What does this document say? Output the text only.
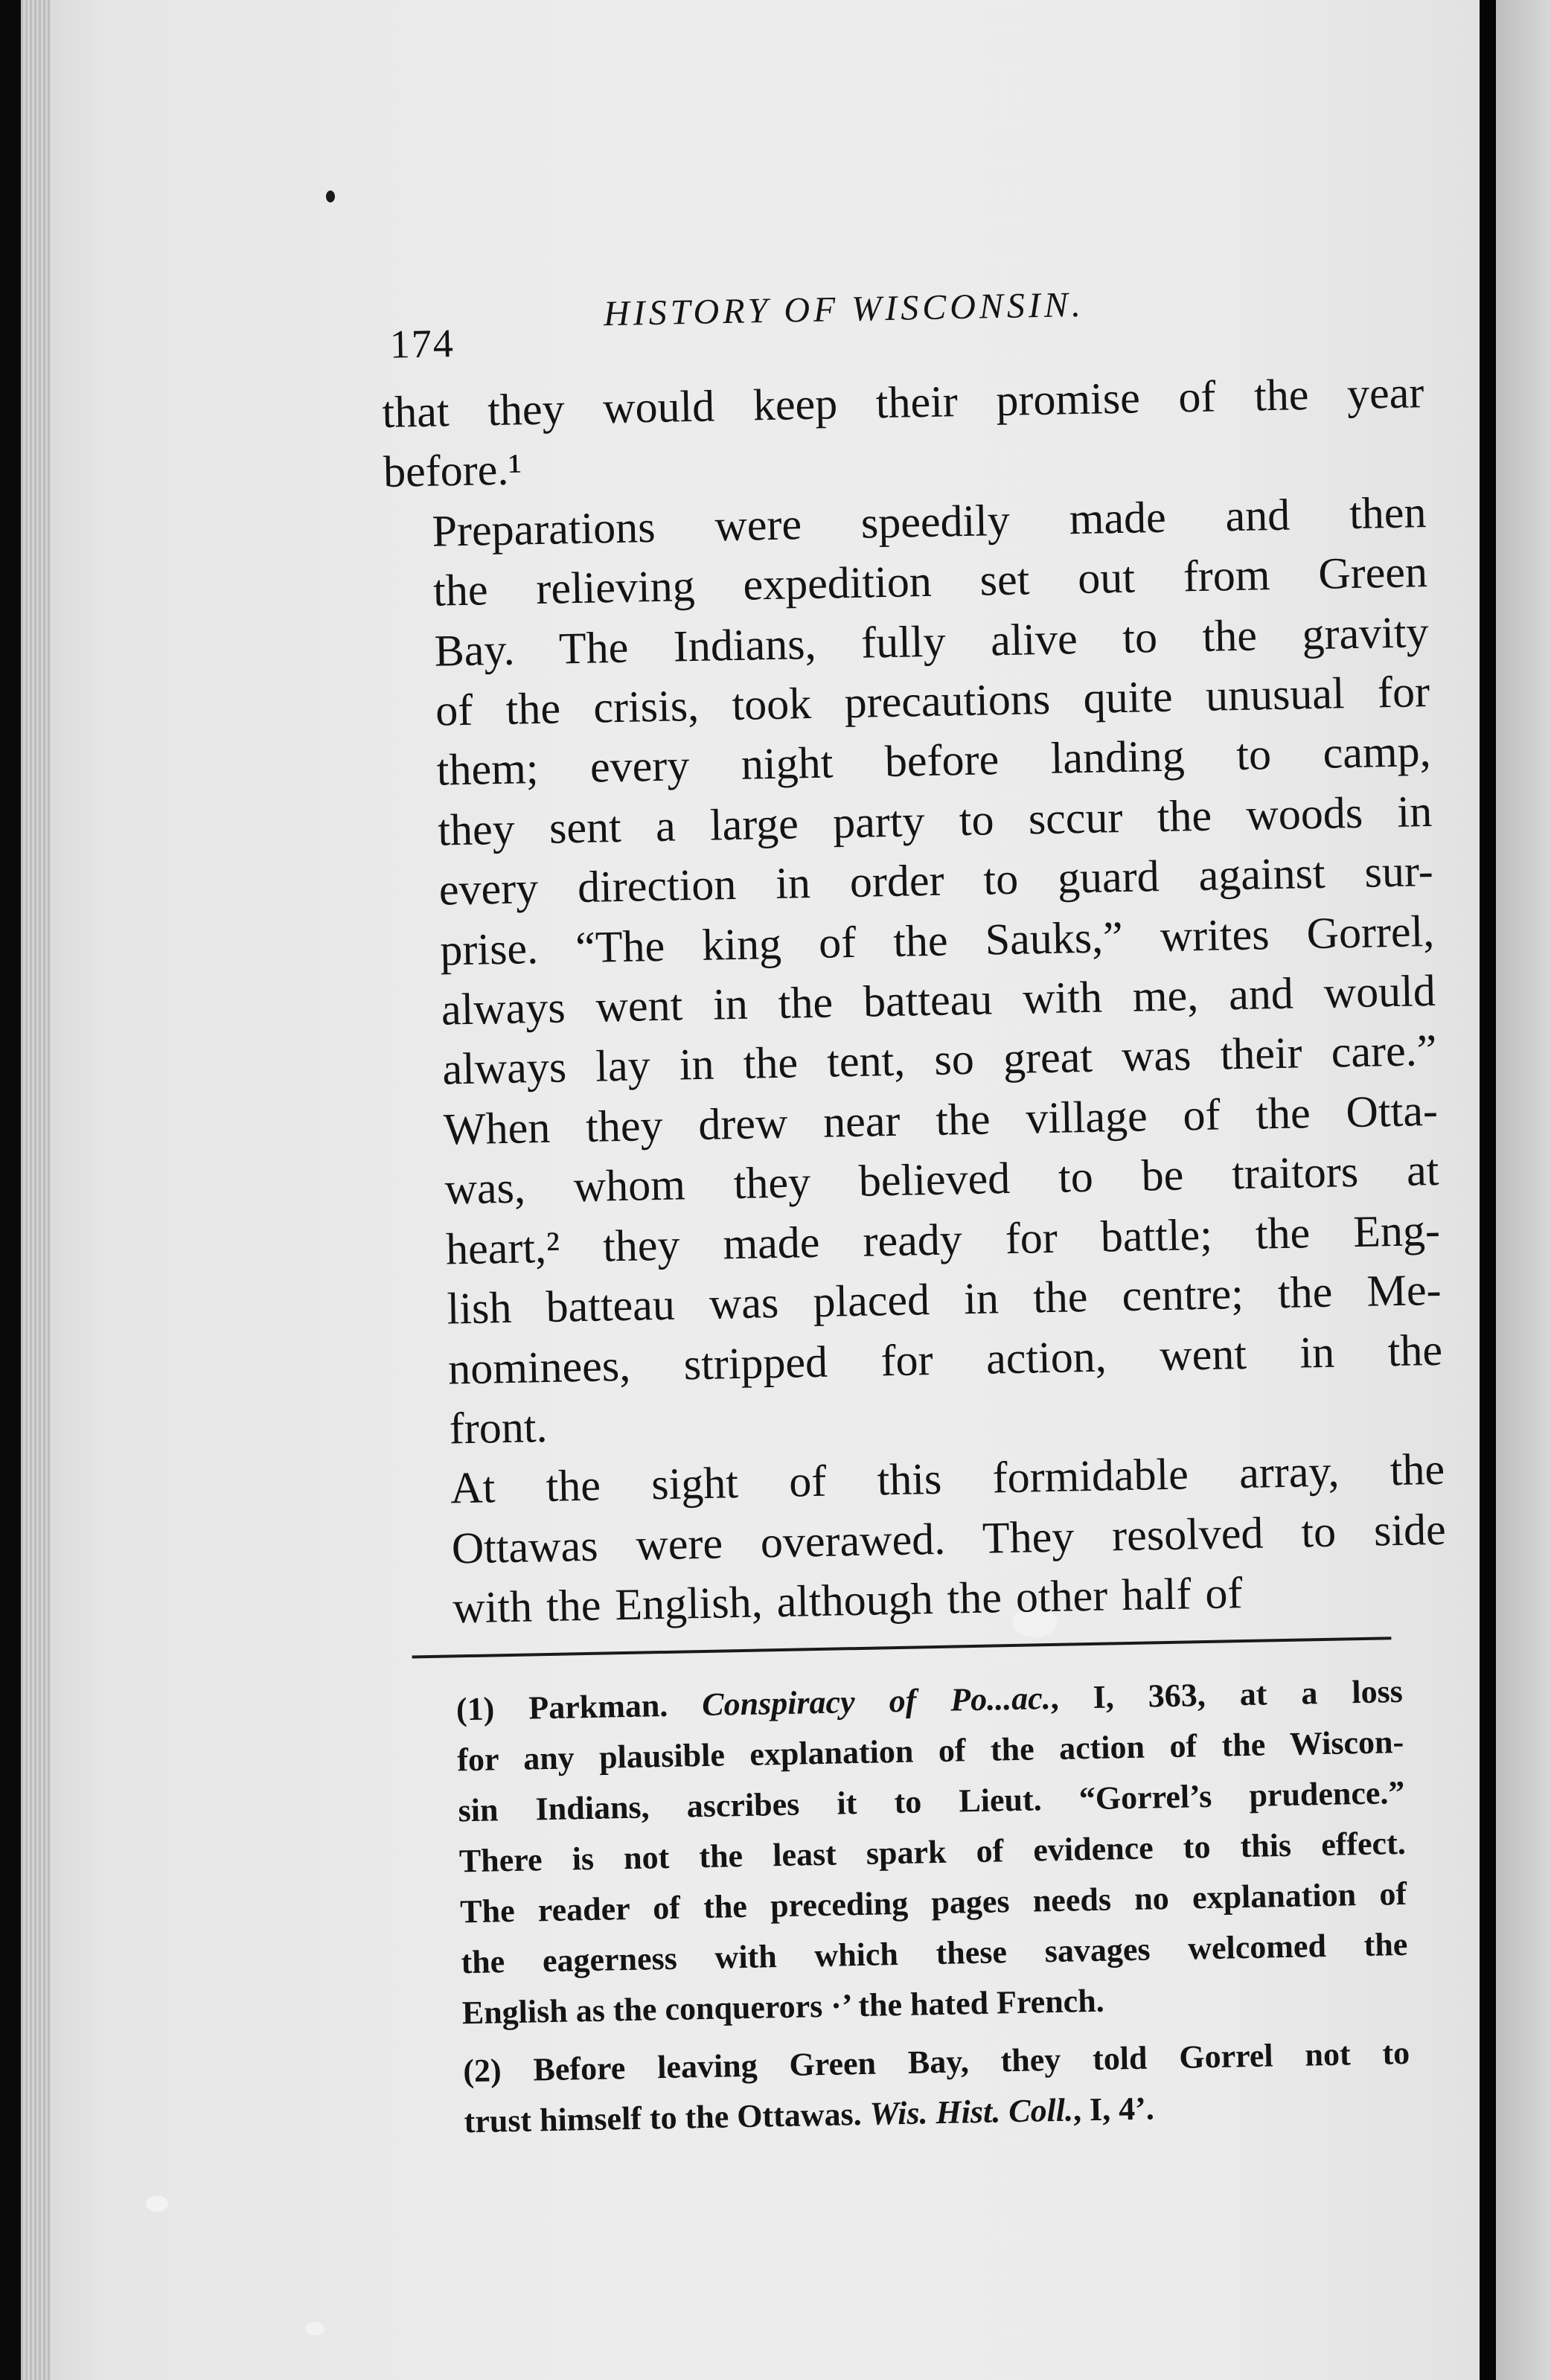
174
HISTORY OF WISCONSIN.

that they would keep their promise of the year
before.¹

Preparations were speedily made and then
the relieving expedition set out from Green
Bay. The Indians, fully alive to the gravity
of the crisis, took precautions quite unusual for
them; every night before landing to camp,
they sent a large party to sccur the woods in
every direction in order to guard against sur-
prise. “The king of the Sauks,” writes Gorrel,
always went in the batteau with me, and would
always lay in the tent, so great was their care.”
When they drew near the village of the Otta-
was, whom they believed to be traitors at
heart,² they made ready for battle; the Eng-
lish batteau was placed in the centre; the Me-
nominees, stripped for action, went in the
front.

At the sight of this formidable array, the
Ottawas were overawed. They resolved to side
with the English, although the other half of

(1) Parkman. Conspiracy of Po...ac., I, 363, at a loss
for any plausible explanation of the action of the Wiscon-
sin Indians, ascribes it to Lieut. “Gorrel’s prudence.”
There is not the least spark of evidence to this effect.
The reader of the preceding pages needs no explanation of
the eagerness with which these savages welcomed the
English as the conquerors ·’ the hated French.

(2) Before leaving Green Bay, they told Gorrel not to
trust himself to the Ottawas. Wis. Hist. Coll., I, 4’.
